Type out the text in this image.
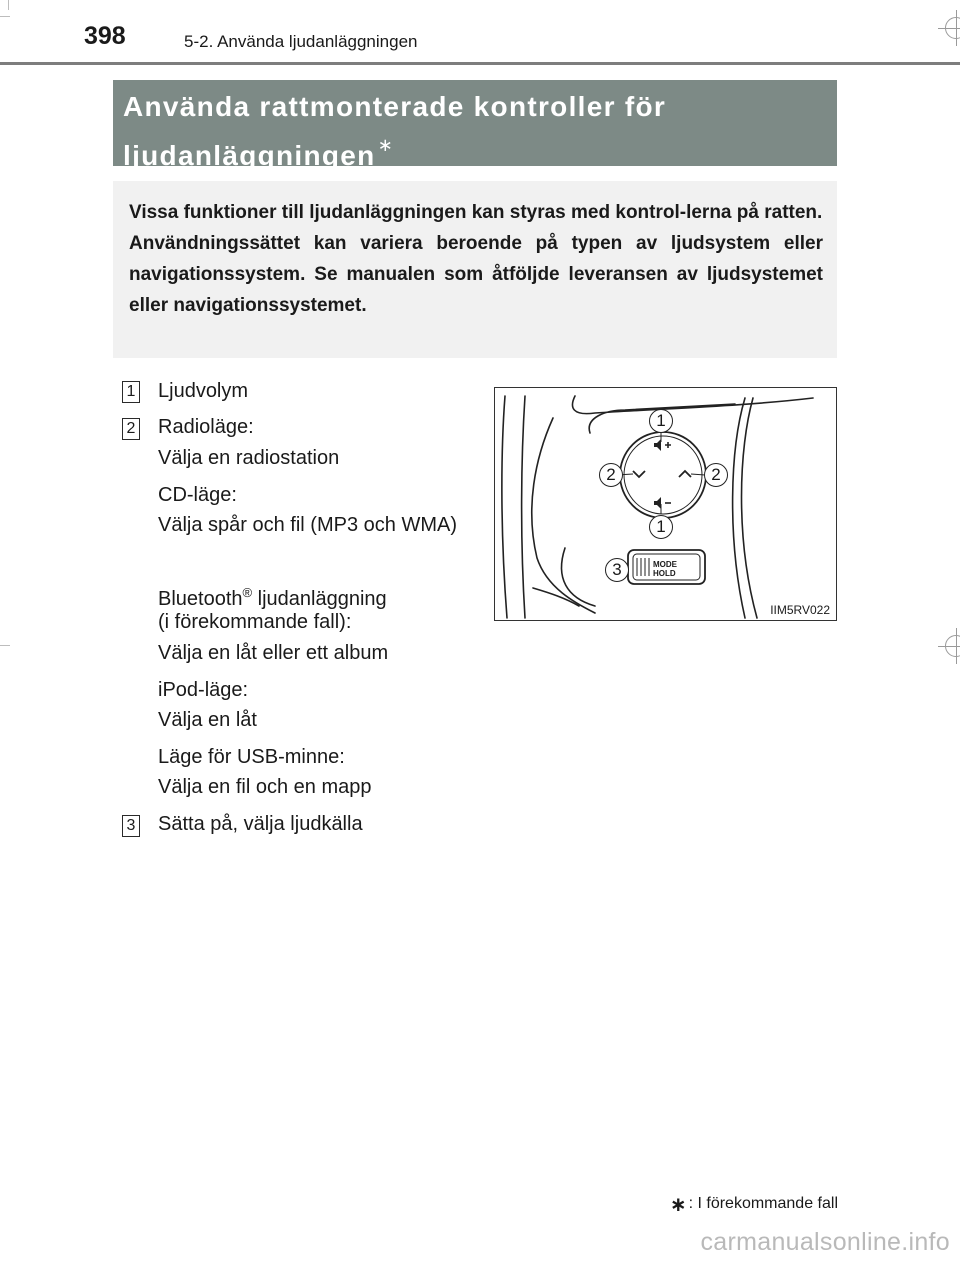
398	5-2. Använda ljudanläggningen
Använda rattmonterade kontroller för
ljudanläggningen ∗

Vissa funktioner till ljudanläggningen kan styras med kontrol-lerna på ratten.

Användningssättet kan variera beroende på typen av ljudsystem eller navigationssystem. Se manualen som åtföljde leveransen av ljudsystemet eller navigationssystemet.

1 Ljudvolym
2 Radioläge:
Välja en radiostation
CD-läge:
Välja spår och fil (MP3 och WMA)
Bluetooth® ljudanläggning
(i förekommande fall):
Välja en låt eller ett album
iPod-läge:
Välja en låt
Läge för USB-minne:
Välja en fil och en mapp
3 Sätta på, välja ljudkälla
MODE
HOLD
1
2	2
1
3
IIM5RV022
∗ : I förekommande fall
carmanualsonline.info
